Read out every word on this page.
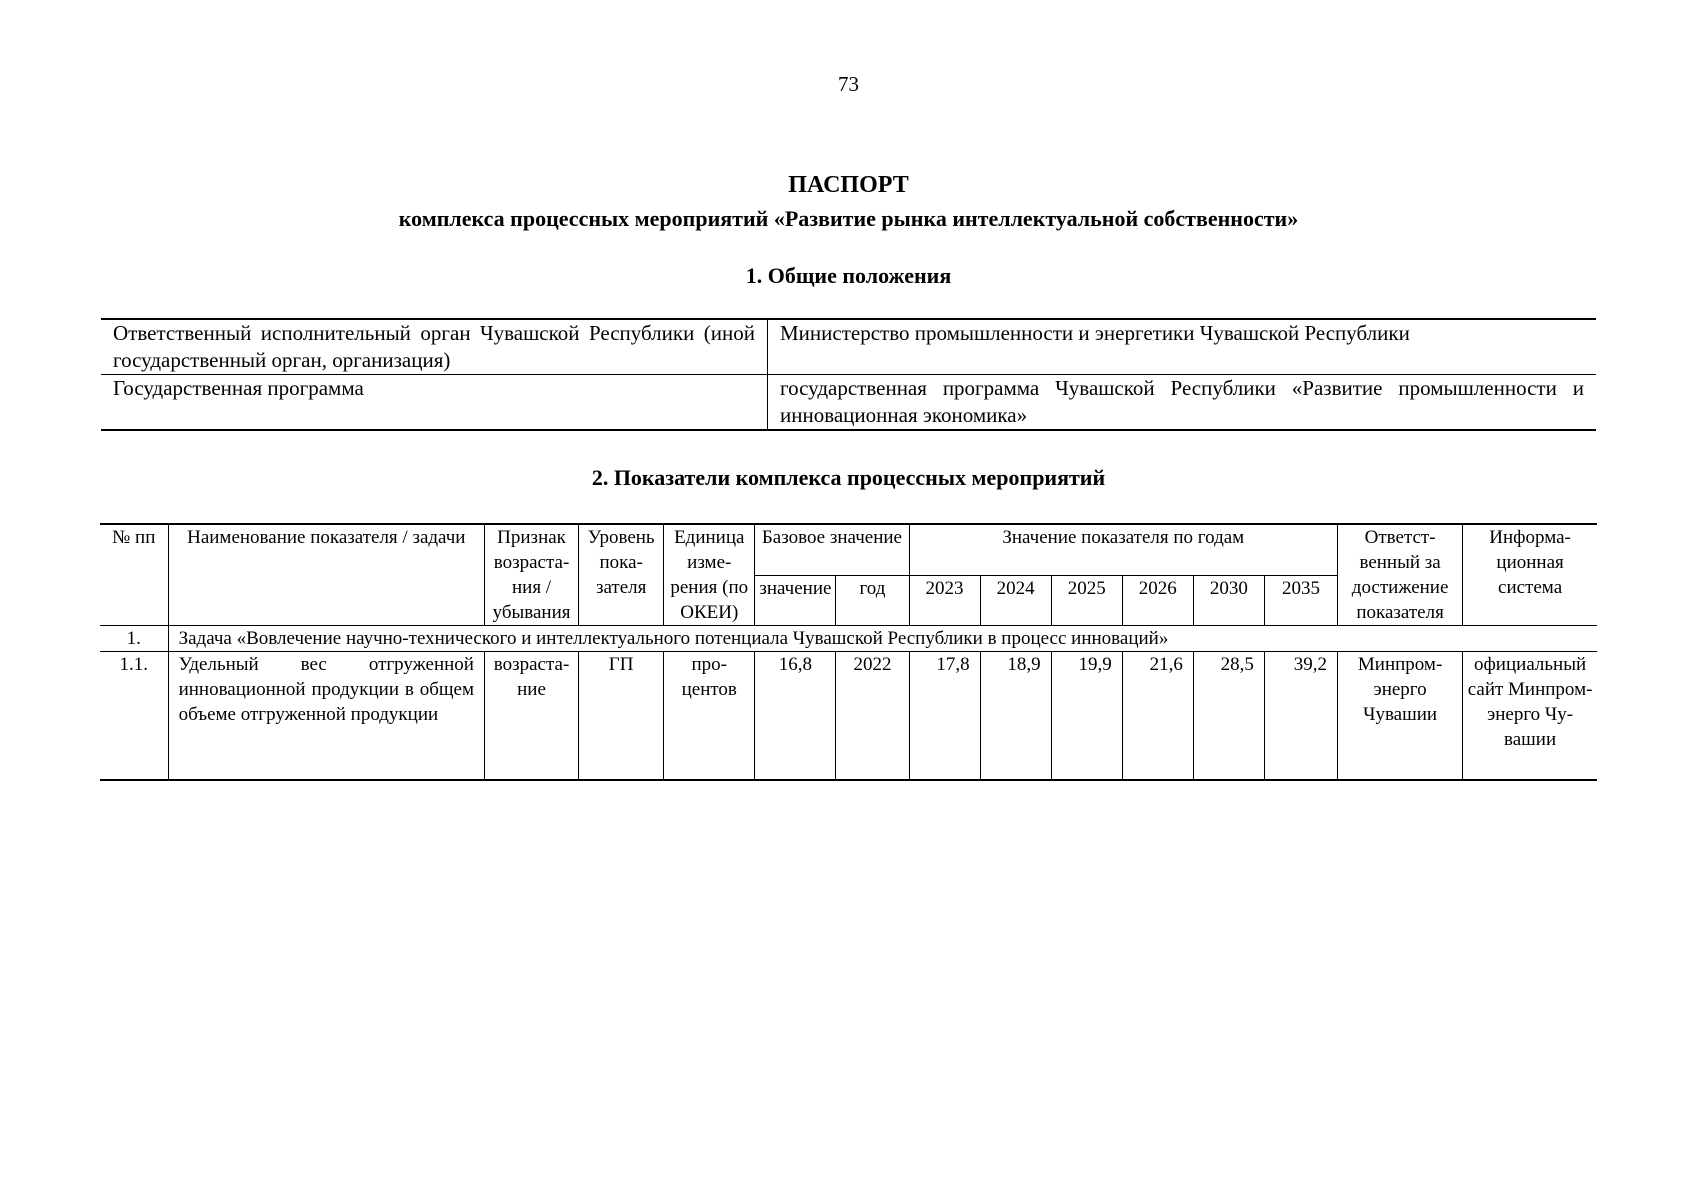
73
ПАСПОРТ
комплекса процессных мероприятий «Развитие рынка интеллектуальной собственности»
1. Общие положения
Ответственный исполнительный орган Чувашской Республики (иной государственный орган, организация)	Министерство промышленности и энергетики Чувашской Республики
Государственная программа	государственная программа Чувашской Республики «Развитие промышленности и инновационная экономика»
2. Показатели комплекса процессных мероприятий
№ пп	Наименование показателя / задачи	Признак возрастания / убывания	Уровень показателя	Единица измерения (по ОКЕИ)	Базовое значение		Значение показателя по годам						Ответственный за достижение показателя	Информационная система
					значение	год	2023	2024	2025	2026	2030	2035		
1.	Задача «Вовлечение научно-технического и интеллектуального потенциала Чувашской Республики в процесс инноваций»													
1.1.	Удельный вес отгруженной инновационной продукции в общем объеме отгруженной продукции	возрастание	ГП	процентов	16,8	2022	17,8	18,9	19,9	21,6	28,5	39,2	Минпромэнерго Чувашии	официальный сайт Минпромэнерго Чувашии
